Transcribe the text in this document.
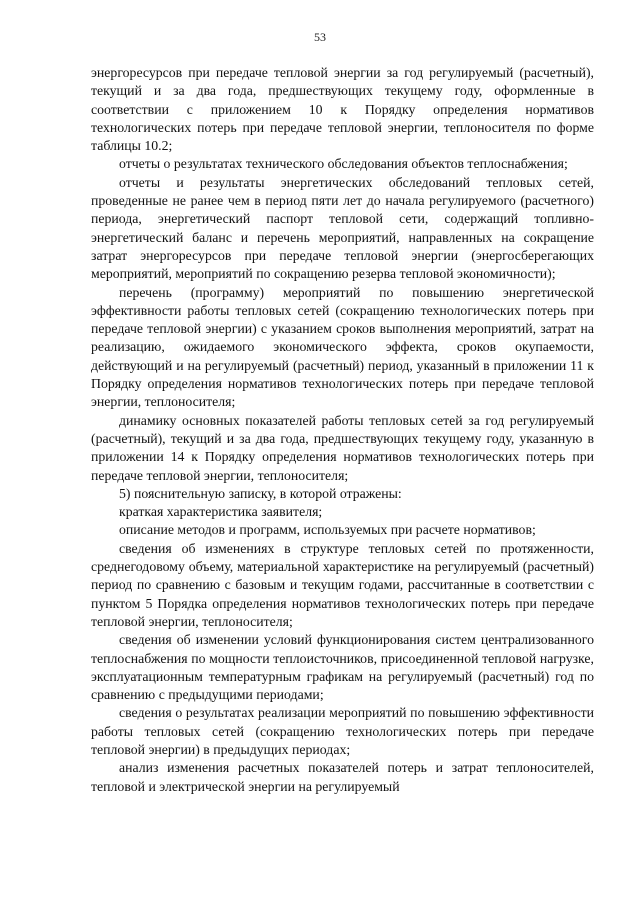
53

энергоресурсов при передаче тепловой энергии за год регулируемый (расчетный), текущий и за два года, предшествующих текущему году, оформленные в соответствии с приложением 10 к Порядку определения нормативов технологических потерь при передаче тепловой энергии, теплоносителя по форме таблицы 10.2;

отчеты о результатах технического обследования объектов теплоснабжения;

отчеты и результаты энергетических обследований тепловых сетей, проведенные не ранее чем в период пяти лет до начала регулируемого (расчетного) периода, энергетический паспорт тепловой сети, содержащий топливно-энергетический баланс и перечень мероприятий, направленных на сокращение затрат энергоресурсов при передаче тепловой энергии (энергосберегающих мероприятий, мероприятий по сокращению резерва тепловой экономичности);

перечень (программу) мероприятий по повышению энергетической эффективности работы тепловых сетей (сокращению технологических потерь при передаче тепловой энергии) с указанием сроков выполнения мероприятий, затрат на реализацию, ожидаемого экономического эффекта, сроков окупаемости, действующий и на регулируемый (расчетный) период, указанный в приложении 11 к Порядку определения нормативов технологических потерь при передаче тепловой энергии, теплоносителя;

динамику основных показателей работы тепловых сетей за год регулируемый (расчетный), текущий и за два года, предшествующих текущему году, указанную в приложении 14 к Порядку определения нормативов технологических потерь при передаче тепловой энергии, теплоносителя;

5) пояснительную записку, в которой отражены:

краткая характеристика заявителя;

описание методов и программ, используемых при расчете нормативов;

сведения об изменениях в структуре тепловых сетей по протяженности, среднегодовому объему, материальной характеристике на регулируемый (расчетный) период по сравнению с базовым и текущим годами, рассчитанные в соответствии с пунктом 5 Порядка определения нормативов технологических потерь при передаче тепловой энергии, теплоносителя;

сведения об изменении условий функционирования систем централизованного теплоснабжения по мощности теплоисточников, присоединенной тепловой нагрузке, эксплуатационным температурным графикам на регулируемый (расчетный) год по сравнению с предыдущими периодами;

сведения о результатах реализации мероприятий по повышению эффективности работы тепловых сетей (сокращению технологических потерь при передаче тепловой энергии) в предыдущих периодах;

анализ изменения расчетных показателей потерь и затрат теплоносителей, тепловой и электрической энергии на регулируемый
